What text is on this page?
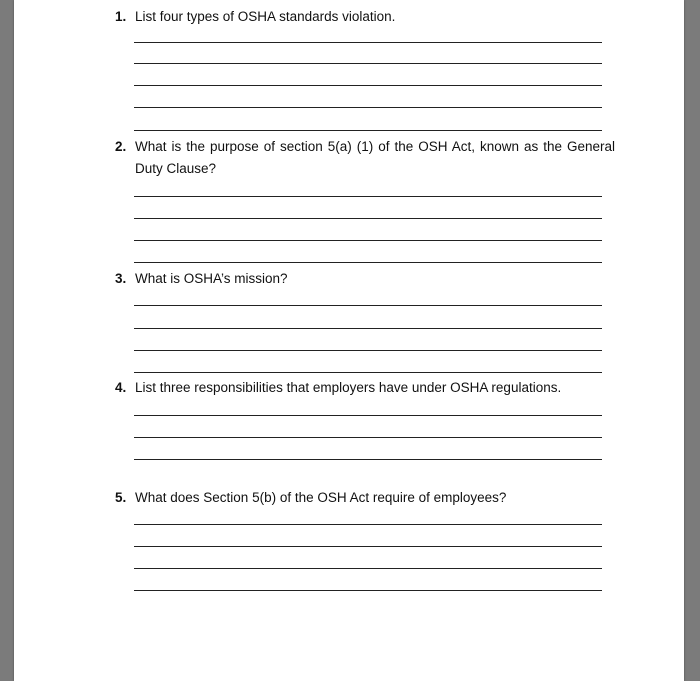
1. List four types of OSHA standards violation.
2. What is the purpose of section 5(a) (1) of the OSH Act, known as the General Duty Clause?
3. What is OSHA’s mission?
4. List three responsibilities that employers have under OSHA regulations.
5. What does Section 5(b) of the OSH Act require of employees?
